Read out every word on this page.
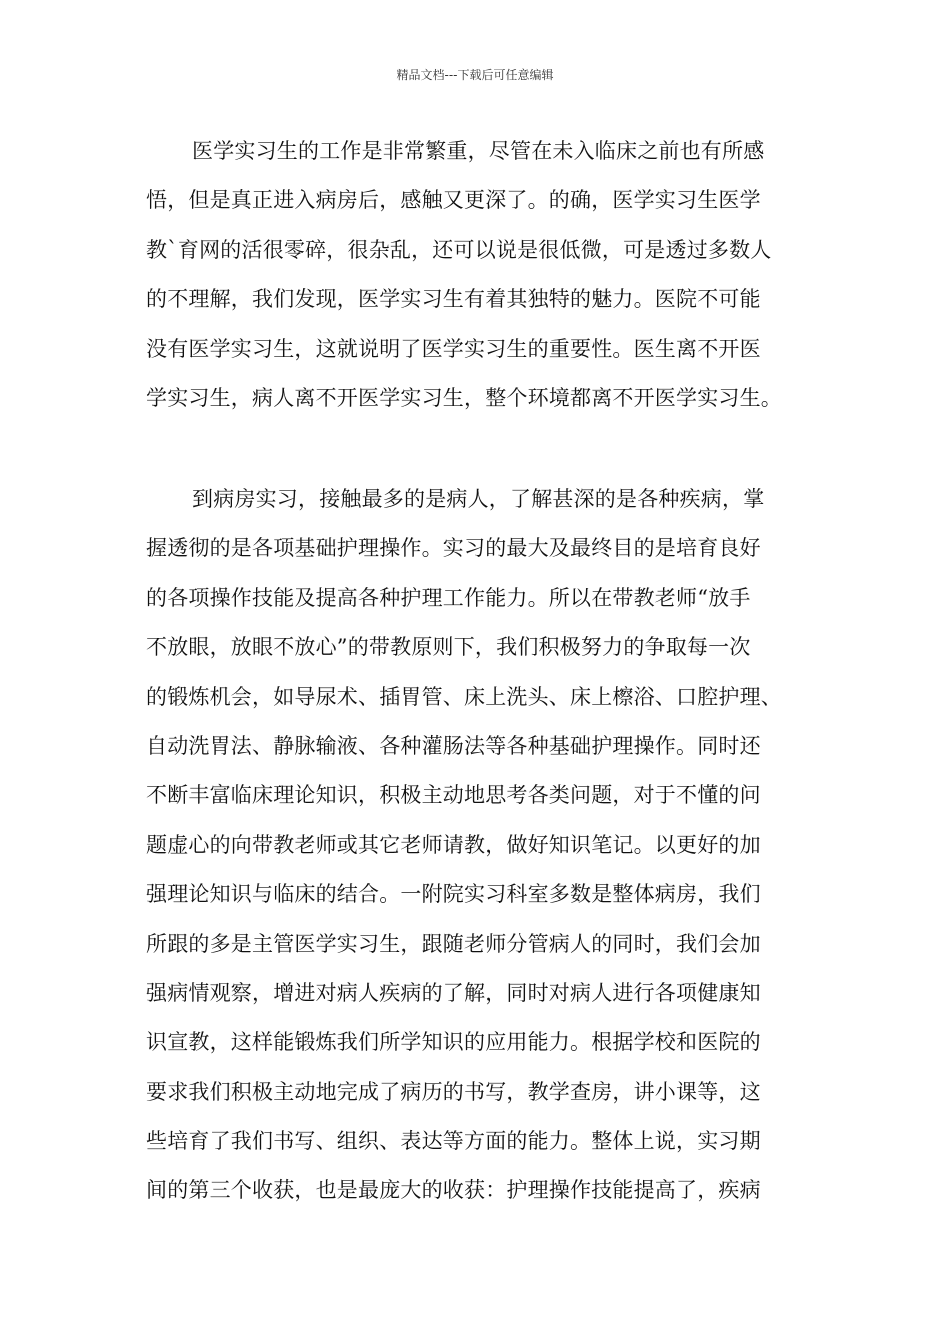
精品文档---下载后可任意编辑
医学实习生的工作是非常繁重，尽管在未入临床之前也有所感
悟，但是真正进入病房后，感触又更深了。的确，医学实习生医学
教`育网的活很零碎，很杂乱，还可以说是很低微，可是透过多数人
的不理解，我们发现，医学实习生有着其独特的魅力。医院不可能
没有医学实习生，这就说明了医学实习生的重要性。医生离不开医
学实习生，病人离不开医学实习生，整个环境都离不开医学实习生。
到病房实习，接触最多的是病人，了解甚深的是各种疾病，掌
握透彻的是各项基础护理操作。实习的最大及最终目的是培育良好
的各项操作技能及提高各种护理工作能力。所以在带教老师“放手
不放眼，放眼不放心”的带教原则下，我们积极努力的争取每一次
的锻炼机会，如导尿术、插胃管、床上洗头、床上檫浴、口腔护理、
自动洗胃法、静脉输液、各种灌肠法等各种基础护理操作。同时还
不断丰富临床理论知识，积极主动地思考各类问题，对于不懂的问
题虚心的向带教老师或其它老师请教，做好知识笔记。以更好的加
强理论知识与临床的结合。一附院实习科室多数是整体病房，我们
所跟的多是主管医学实习生，跟随老师分管病人的同时，我们会加
强病情观察，增进对病人疾病的了解，同时对病人进行各项健康知
识宣教，这样能锻炼我们所学知识的应用能力。根据学校和医院的
要求我们积极主动地完成了病历的书写，教学查房，讲小课等，这
些培育了我们书写、组织、表达等方面的能力。整体上说，实习期
间的第三个收获，也是最庞大的收获：护理操作技能提高了，疾病
